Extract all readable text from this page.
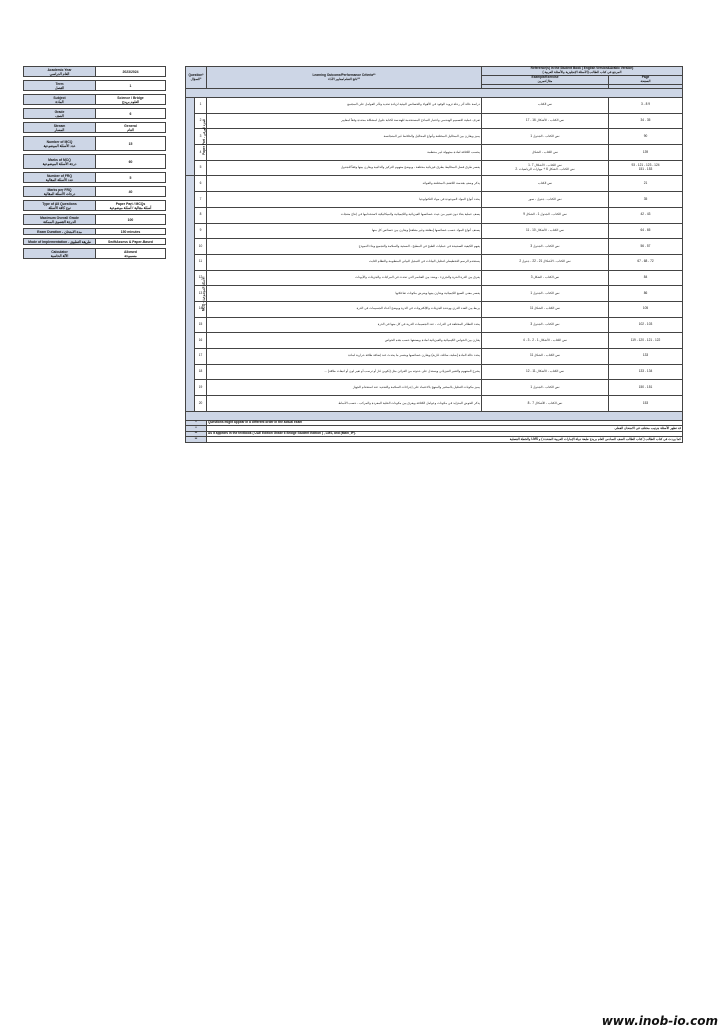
Academic Year
العام الدراسي	2023/2024

Term
الفصل	1

Subject
المادة	Science / Bridge
العلوم بريدج

Grade
الصف	6

Stream
المسار	General
العام

Number of MCQ
عدد الأسئلة الموضوعية	15

Marks of MCQ
درجة الأسئلة الموضوعية	60

Number of FRQ
عدد الأسئلة المقالية	5

Marks per FRQ
درجات الأسئلة المقالية	40

Type of All Questions
نوع كافة الأسئلة	Paper Part / MCQs
أسئلة مقالية / أسئلة موضوعية

Maximum Overall Grade
الدرجة القصوى الممكنة	100

Exam Duration - مدة الامتحان	150 minutes

Mode of Implementation - طريقة التطبيق	SwiftAssess & Paper-Based

Calculator
الآلة الحاسبة	Allowed
مسموحة
Question*
السؤال*		Learning Outcome/Performance Criteria**
ناتج التعلم/معايير الأداء**	Reference(s) in the Student Book ( English Version&Arabic Version)
المرجع في كتاب الطالب (الأسئلة الإنجليزية والأسئلة العربية )	
			Example/Exercise
مثال/تمرين	Page
الصفحة

Paper Part - الجزء الورقي	1	دراسة حالة أثر رحلة تزويد الوقود في الأهواء والخصائص البيئية لزيادة تحديد وتأثر العوامل على المجتمع	نص الكتاب	3 - 8 9
	2	تعرف عملية التصميم الهندسي واختبار النماذج المستخدمة للهندسة لكتابة حلول لمشكلة محددة وفقاً لمعايير	نص الكتاب ، الأشكال 16 - 17	34 - 35
	3	يميز ويقارن بين المحاليل المختلفة وأنواع المحاليل والخلائط غير المتجانسة	نص الكتاب ، الجدول 1	90
	4	يحسب الكثافة لمادة مجهولة غير منتظمة	نص الكتاب ، الشكل	139
	5	يفسر طرق فصل المخاليط بطرق فيزيائية مختلفة ، ويوضح مفهوم التركيز والذائبية ويقارن بينها وفقاً للجدول	1. نص الكتاب ، الأشكال 7
2. نص الكتاب ، الشكل 6 + مهارات الرياضيات	93 - 121 - 123 - 124
151 - 153
MCQ - الأسئلة الموضوعية	6	يذكر وصف هندسة الكشف المختلفة والفوائد	نص الكتاب	21
	7	يحدد أنواع المواد الموجودة في مواد التكنولوجيا	نص الكتاب ، جدول ، صور	35
	8	يصف عملية بقاء دون تغيير من حيث خصائصها الفيزيائية والكيميائية والميكانيكية لاستخدامها في إنتاج منتجات	نص الكتاب ، الجدول 1 ، الشكل 9	42 - 43
	9	يصنف أنواع المواد حسب خصائصها (مغلقة وغير مغلقة) ويقارن بين خصائص كل منها	نص الكتاب ، الأشكال 10 - 11	64 - 65
	10	يفهم الكيفية الصحيحة في عمليات الطبخ في المطبخ - الصحية والسلامة والتجميع وبناء النموذج	نص الكتاب ، الجدول 3	56 - 57
	11	يستخدم الرسم التخطيطي لتحليل البيانات في التمثيل البياني المنظومة والنظام الثابت	نص الكتاب ، الأشكال 21 - 22 ، جدول 2	67 - 68 - 72
	12	يفرق بين الذرة الحرة والجزيء ، ويعدد بين العناصر التي تحدث في المركبات والجزيئات والأيونات	نص الكتاب ، الشكل 3	84
	13	يفسر معنى الصيغ الكيميائية ويقارن بينها ويعرض مكونات تفاعلاتها	نص الكتاب ، الجدول 1	86
	14	يربط بين العدد الذري ووحدة الجزيئات والإلكترونات في الذرة ويوضح أعداد الجسيمات في الذرة	نص الكتاب ، الشكل 11	105
	15	يحدد النظائر المختلفة في الذرات ، عدد الجسيمات الذرية في كل منها في الذرة	نص الكتاب ، الجدول 3	102 - 103
	16	يقارن بين الخواص الكيميائية والفيزيائية لمادة ويصنفها حسب هذه الخواص	نص الكتاب ، الأشكال 1 ، 2 ، 3 ، 4	119 - 120 - 121 - 122
	17	يحدد حالة المادة (صلبة، سائلة، غازية) ويقارن خصائصها ويفسر ما يحدث عند إضافة طاقة حرارية لمادة	نص الكتاب ، الشكل 11	133
	18	يشرح المفهوم والتغير الفيزيائي ويستدل على حدوثه من القرائن مثل (تكوين غاز أو ترسب أو تغير لون أو انبعاث طاقة) ...	نص الكتاب ، الأشكال 11 - 12	133 - 134
	19	يميز مكونات التحليل بالمختبر والمنهج بالاعتماد على إجراءات السلامة والتحديد عند استخدام الجهاز	نص الكتاب ، الجدول 1	150 - 151
	20	يذكر الحوض المتزايد في مكونات وعوامل الكثافة ويفرق بين مكونات الخلية المفردة والمركب ، حسب الأنماط	نص الكتاب ، الأشكال 7 ، 8	153

*		Questions might appear in a different order in the actual exam		
*		قد تظهر الأسئلة بترتيب مختلف في الامتحان الفعلي		
**		As it appears in the textbook ( UAE Edition Grade 6 Bridge Student Edition ) , LMS, and (Main_IP).		
**		كما وردت في كتاب الطالب ( كتاب الطالب الصف السادس العام بريدج طبعة دولة الإمارات العربية المتحدة ) و LMS والخطة الفصلية		
www.inob-io.com
